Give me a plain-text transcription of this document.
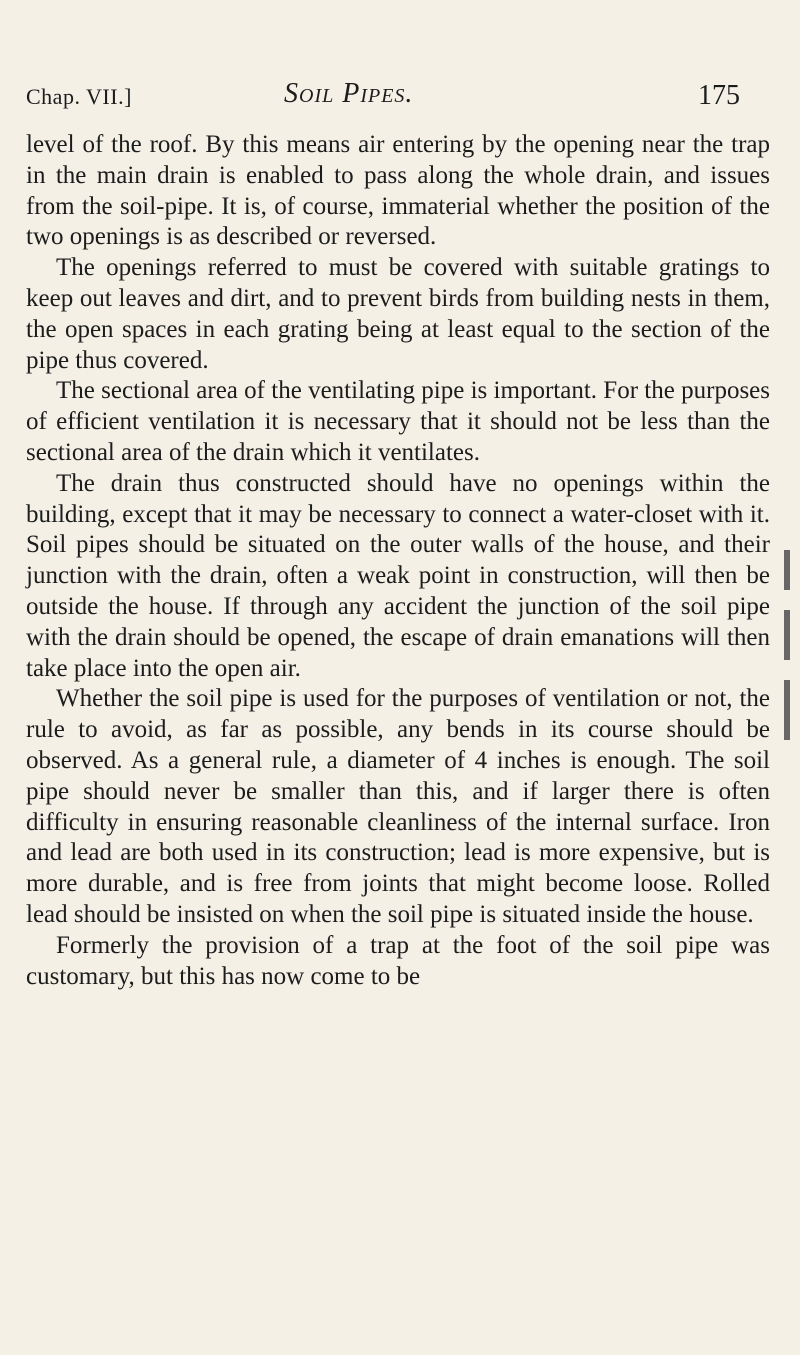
Chap. VII.]	Soil Pipes.	175

level of the roof. By this means air entering by the opening near the trap in the main drain is enabled to pass along the whole drain, and issues from the soil-pipe. It is, of course, immaterial whether the position of the two openings is as described or reversed.

The openings referred to must be covered with suitable gratings to keep out leaves and dirt, and to prevent birds from building nests in them, the open spaces in each grating being at least equal to the section of the pipe thus covered.

The sectional area of the ventilating pipe is important. For the purposes of efficient ventilation it is necessary that it should not be less than the sectional area of the drain which it ventilates.

The drain thus constructed should have no openings within the building, except that it may be necessary to connect a water-closet with it. Soil pipes should be situated on the outer walls of the house, and their junction with the drain, often a weak point in construction, will then be outside the house. If through any accident the junction of the soil pipe with the drain should be opened, the escape of drain emanations will then take place into the open air.

Whether the soil pipe is used for the purposes of ventilation or not, the rule to avoid, as far as possible, any bends in its course should be observed. As a general rule, a diameter of 4 inches is enough. The soil pipe should never be smaller than this, and if larger there is often difficulty in ensuring reasonable cleanliness of the internal surface. Iron and lead are both used in its construction; lead is more expensive, but is more durable, and is free from joints that might become loose. Rolled lead should be insisted on when the soil pipe is situated inside the house.

Formerly the provision of a trap at the foot of the soil pipe was customary, but this has now come to be
